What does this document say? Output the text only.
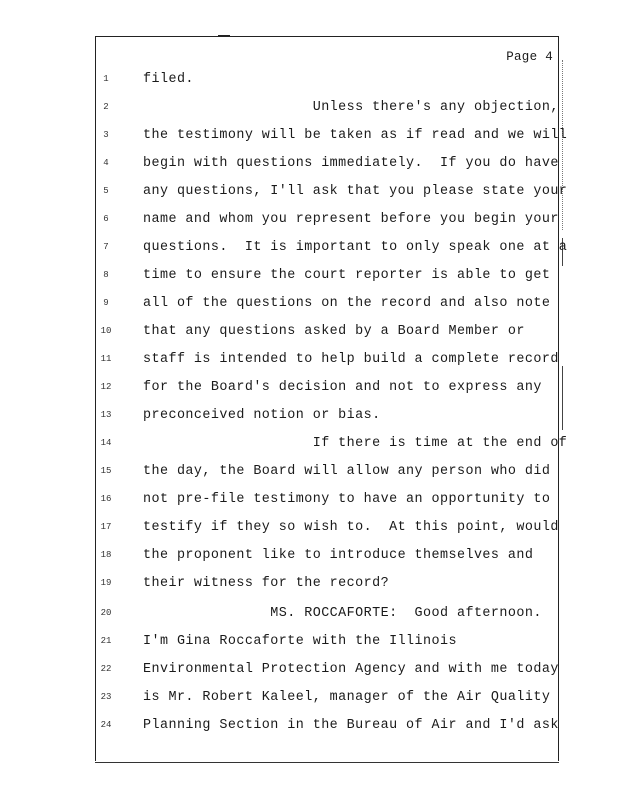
Page 4
1	filed.
2	Unless there's any objection,
3	the testimony will be taken as if read and we will
4	begin with questions immediately.  If you do have
5	any questions, I'll ask that you please state your
6	name and whom you represent before you begin your
7	questions.  It is important to only speak one at a
8	time to ensure the court reporter is able to get
9	all of the questions on the record and also note
10	that any questions asked by a Board Member or
11	staff is intended to help build a complete record
12	for the Board's decision and not to express any
13	preconceived notion or bias.
14	If there is time at the end of
15	the day, the Board will allow any person who did
16	not pre-file testimony to have an opportunity to
17	testify if they so wish to.  At this point, would
18	the proponent like to introduce themselves and
19	their witness for the record?
20	MS. ROCCAFORTE:  Good afternoon.
21	I'm Gina Roccaforte with the Illinois
22	Environmental Protection Agency and with me today
23	is Mr. Robert Kaleel, manager of the Air Quality
24	Planning Section in the Bureau of Air and I'd ask
